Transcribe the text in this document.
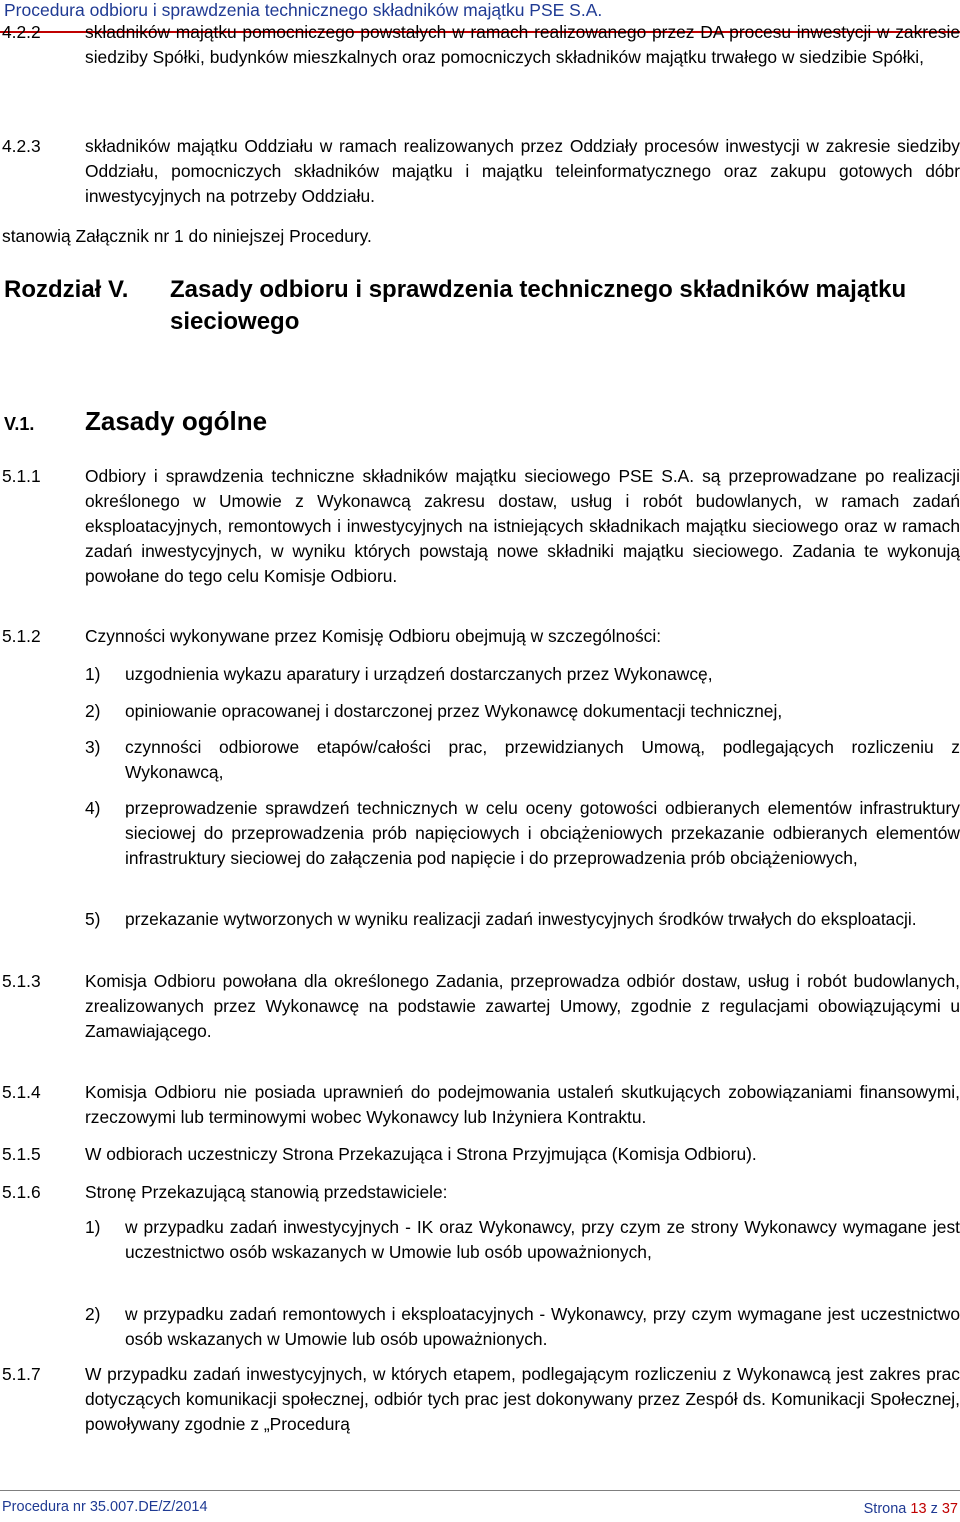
Procedura odbioru i sprawdzenia technicznego składników majątku PSE S.A.
4.2.2	składników majątku pomocniczego powstałych w ramach realizowanego przez DA procesu inwestycji w zakresie siedziby Spółki, budynków mieszkalnych oraz pomocniczych składników majątku trwałego w siedzibie Spółki,
4.2.3	składników majątku Oddziału w ramach realizowanych przez Oddziały procesów inwestycji w zakresie siedziby Oddziału, pomocniczych składników majątku i majątku teleinformatycznego oraz zakupu gotowych dóbr inwestycyjnych na potrzeby Oddziału.
stanowią Załącznik nr 1 do niniejszej Procedury.
Rozdział V. Zasady odbioru i sprawdzenia technicznego składników majątku sieciowego
V.1. Zasady ogólne
5.1.1	Odbiory i sprawdzenia techniczne składników majątku sieciowego PSE S.A. są przeprowadzane po realizacji określonego w Umowie z Wykonawcą zakresu dostaw, usług i robót budowlanych, w ramach zadań eksploatacyjnych, remontowych i inwestycyjnych na istniejących składnikach majątku sieciowego oraz w ramach zadań inwestycyjnych, w wyniku których powstają nowe składniki majątku sieciowego. Zadania te wykonują powołane do tego celu Komisje Odbioru.
5.1.2	Czynności wykonywane przez Komisję Odbioru obejmują w szczególności:
1) uzgodnienia wykazu aparatury i urządzeń dostarczanych przez Wykonawcę,
2) opiniowanie opracowanej i dostarczonej przez Wykonawcę dokumentacji technicznej,
3) czynności odbiorowe etapów/całości prac, przewidzianych Umową, podlegających rozliczeniu z Wykonawcą,
4) przeprowadzenie sprawdzeń technicznych w celu oceny gotowości odbieranych elementów infrastruktury sieciowej do przeprowadzenia prób napięciowych i obciążeniowych przekazanie odbieranych elementów infrastruktury sieciowej do załączenia pod napięcie i do przeprowadzenia prób obciążeniowych,
5) przekazanie wytworzonych w wyniku realizacji zadań inwestycyjnych środków trwałych do eksploatacji.
5.1.3	Komisja Odbioru powołana dla określonego Zadania, przeprowadza odbiór dostaw, usług i robót budowlanych, zrealizowanych przez Wykonawcę na podstawie zawartej Umowy, zgodnie z regulacjami obowiązującymi u Zamawiającego.
5.1.4	Komisja Odbioru nie posiada uprawnień do podejmowania ustaleń skutkujących zobowiązaniami finansowymi, rzeczowymi lub terminowymi wobec Wykonawcy lub Inżyniera Kontraktu.
5.1.5	W odbiorach uczestniczy Strona Przekazująca i Strona Przyjmująca (Komisja Odbioru).
5.1.6	Stronę Przekazującą stanowią przedstawiciele:
1) w przypadku zadań inwestycyjnych - IK oraz Wykonawcy, przy czym ze strony Wykonawcy wymagane jest uczestnictwo osób wskazanych w Umowie lub osób upoważnionych,
2) w przypadku zadań remontowych i eksploatacyjnych - Wykonawcy, przy czym wymagane jest uczestnictwo osób wskazanych w Umowie lub osób upoważnionych.
5.1.7	W przypadku zadań inwestycyjnych, w których etapem, podlegającym rozliczeniu z Wykonawcą jest zakres prac dotyczących komunikacji społecznej, odbiór tych prac jest dokonywany przez Zespół ds. Komunikacji Społecznej, powoływany zgodnie z „Procedurą
Procedura nr 35.007.DE/Z/2014	Strona 13 z 37
